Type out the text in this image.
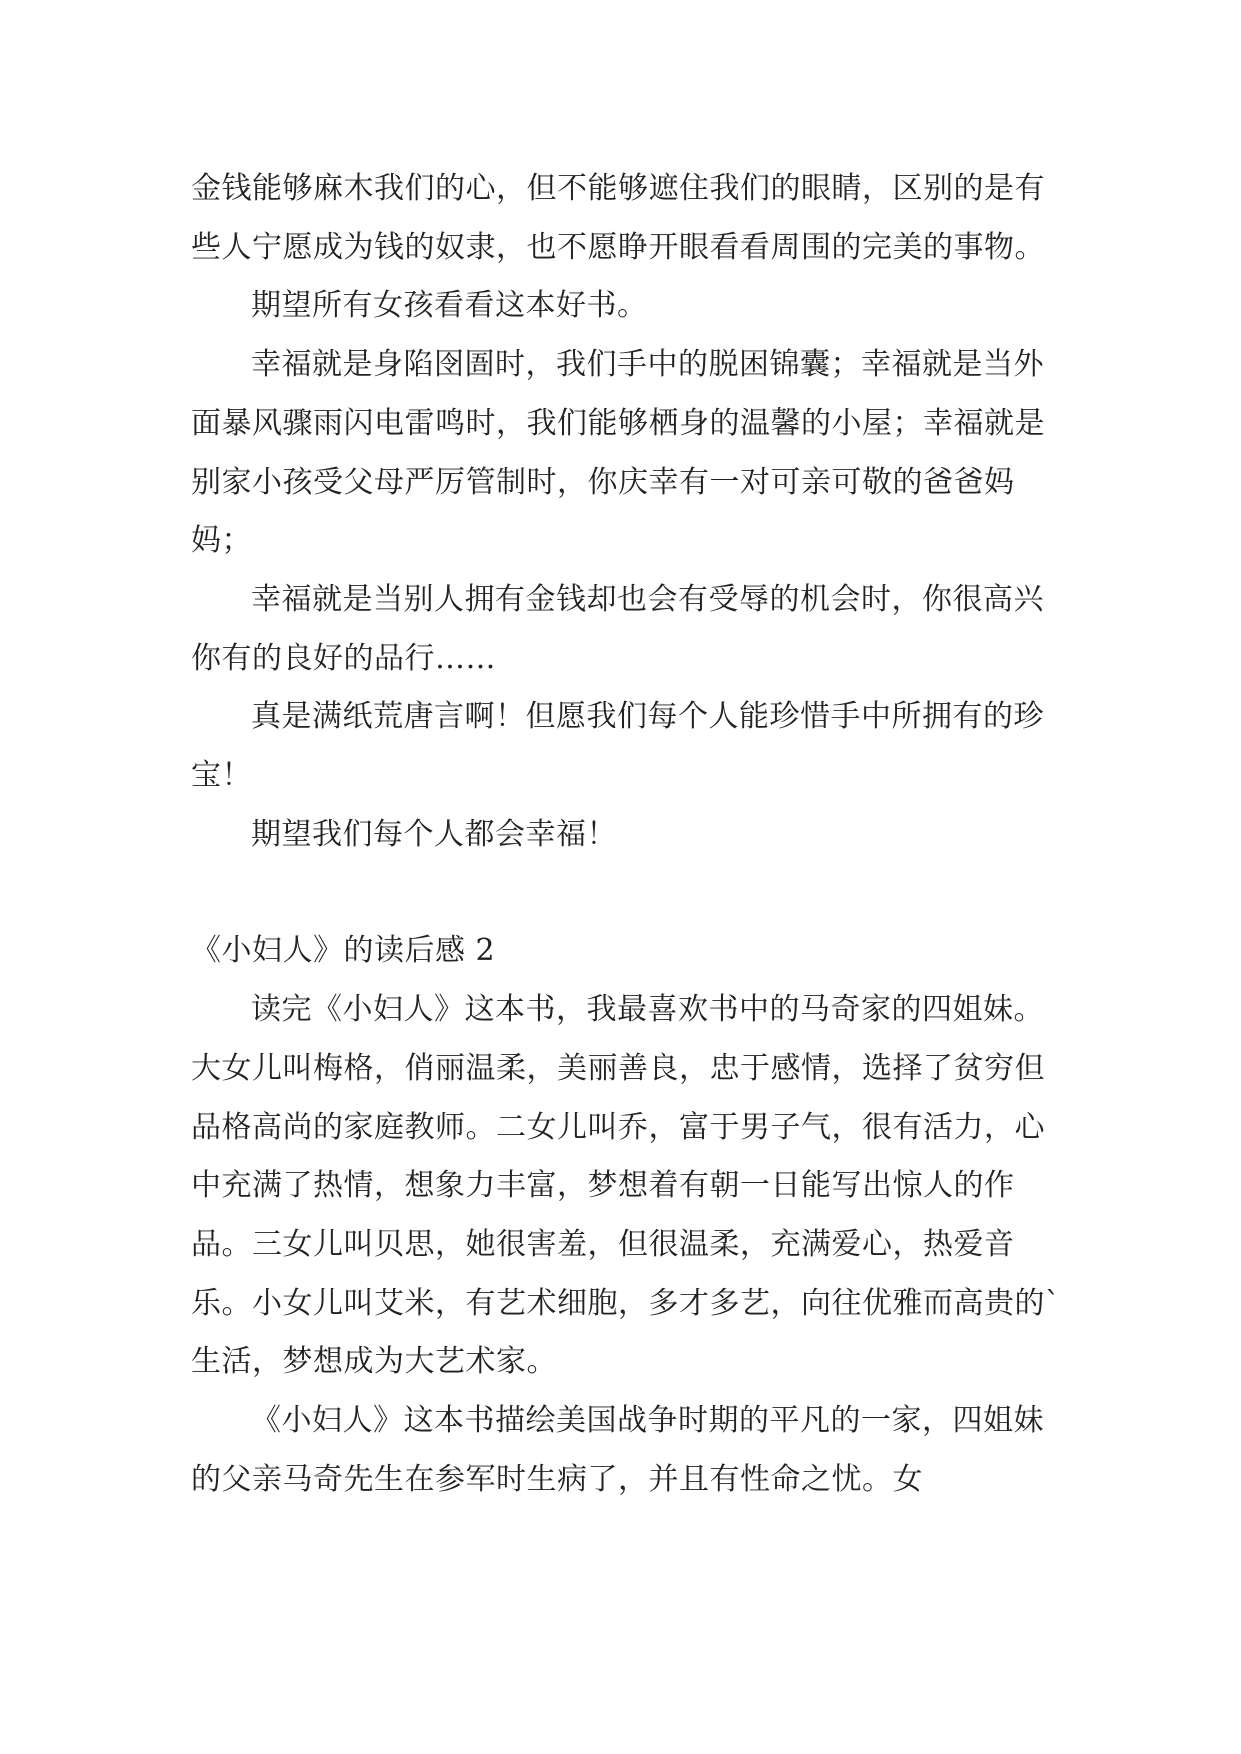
金钱能够麻木我们的心，但不能够遮住我们的眼睛，区别的是有些人宁愿成为钱的奴隶，也不愿睁开眼看看周围的完美的事物。

期望所有女孩看看这本好书。

幸福就是身陷囹圄时，我们手中的脱困锦囊；幸福就是当外面暴风骤雨闪电雷鸣时，我们能够栖身的温馨的小屋；幸福就是别家小孩受父母严厉管制时，你庆幸有一对可亲可敬的爸爸妈妈；

幸福就是当别人拥有金钱却也会有受辱的机会时，你很高兴你有的良好的品行……

真是满纸荒唐言啊！但愿我们每个人能珍惜手中所拥有的珍宝！

期望我们每个人都会幸福！

《小妇人》的读后感 2

读完《小妇人》这本书，我最喜欢书中的马奇家的四姐妹。大女儿叫梅格，俏丽温柔，美丽善良，忠于感情，选择了贫穷但品格高尚的家庭教师。二女儿叫乔，富于男子气，很有活力，心中充满了热情，想象力丰富，梦想着有朝一日能写出惊人的作品。三女儿叫贝思，她很害羞，但很温柔，充满爱心，热爱音乐。小女儿叫艾米，有艺术细胞，多才多艺，向往优雅而高贵的`生活，梦想成为大艺术家。

《小妇人》这本书描绘美国战争时期的平凡的一家，四姐妹的父亲马奇先生在参军时生病了，并且有性命之忧。女
